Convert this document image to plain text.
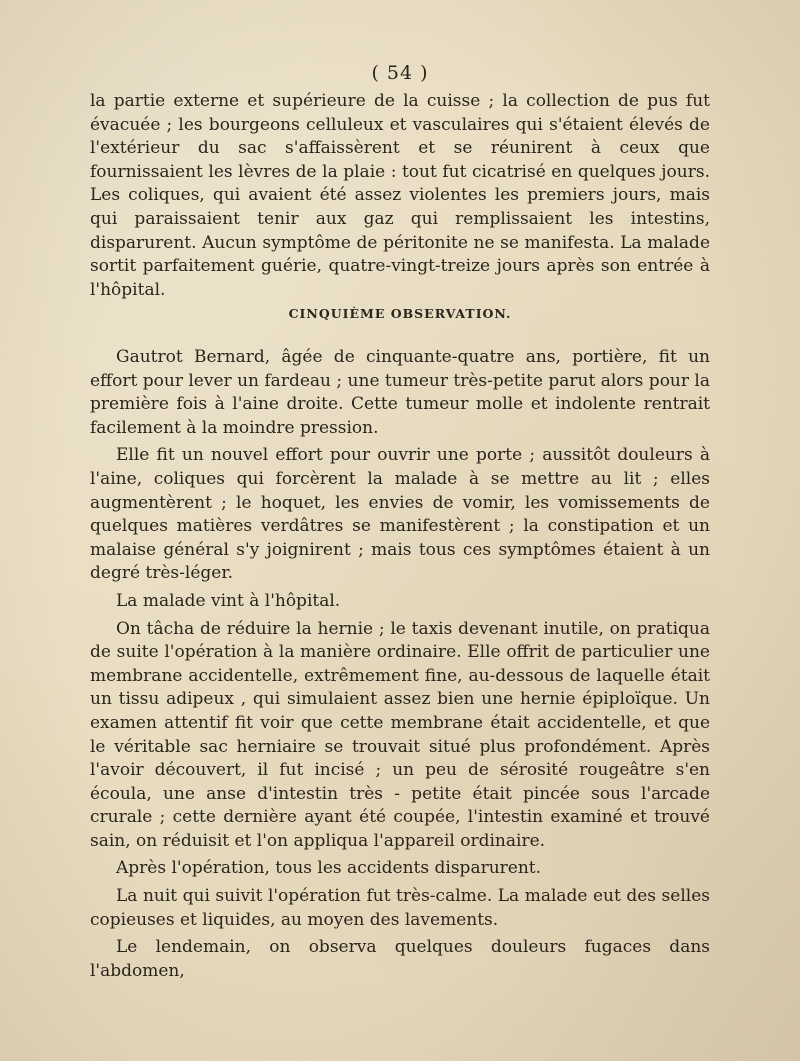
( 54 )

la partie externe et supérieure de la cuisse ; la collection de pus fut évacuée ; les bourgeons celluleux et vasculaires qui s'étaient élevés de l'extérieur du sac s'affaissèrent et se réunirent à ceux que fournissaient les lèvres de la plaie : tout fut cicatrisé en quelques jours. Les coliques, qui avaient été assez violentes les premiers jours, mais qui paraissaient tenir aux gaz qui remplissaient les intestins, disparurent. Aucun symptôme de péritonite ne se manifesta. La malade sortit parfaitement guérie, quatre-vingt-treize jours après son entrée à l'hôpital.

CINQUIÈME OBSERVATION.

Gautrot Bernard, âgée de cinquante-quatre ans, portière, fit un effort pour lever un fardeau ; une tumeur très-petite parut alors pour la première fois à l'aine droite. Cette tumeur molle et indolente rentrait facilement à la moindre pression.

Elle fit un nouvel effort pour ouvrir une porte ; aussitôt douleurs à l'aine, coliques qui forcèrent la malade à se mettre au lit ; elles augmentèrent ; le hoquet, les envies de vomir, les vomissements de quelques matières verdâtres se manifestèrent ; la constipation et un malaise général s'y joignirent ; mais tous ces symptômes étaient à un degré très-léger.

La malade vint à l'hôpital.

On tâcha de réduire la hernie ; le taxis devenant inutile, on pratiqua de suite l'opération à la manière ordinaire. Elle offrit de particulier une membrane accidentelle, extrêmement fine, au-dessous de laquelle était un tissu adipeux , qui simulaient assez bien une hernie épiploïque. Un examen attentif fit voir que cette membrane était accidentelle, et que le véritable sac herniaire se trouvait situé plus profondément. Après l'avoir découvert, il fut incisé ; un peu de sérosité rougeâtre s'en écoula, une anse d'intestin très - petite était pincée sous l'arcade crurale ; cette dernière ayant été coupée, l'intestin examiné et trouvé sain, on réduisit et l'on appliqua l'appareil ordinaire.

Après l'opération, tous les accidents disparurent.

La nuit qui suivit l'opération fut très-calme. La malade eut des selles copieuses et liquides, au moyen des lavements.

Le lendemain, on observa quelques douleurs fugaces dans l'abdomen,
